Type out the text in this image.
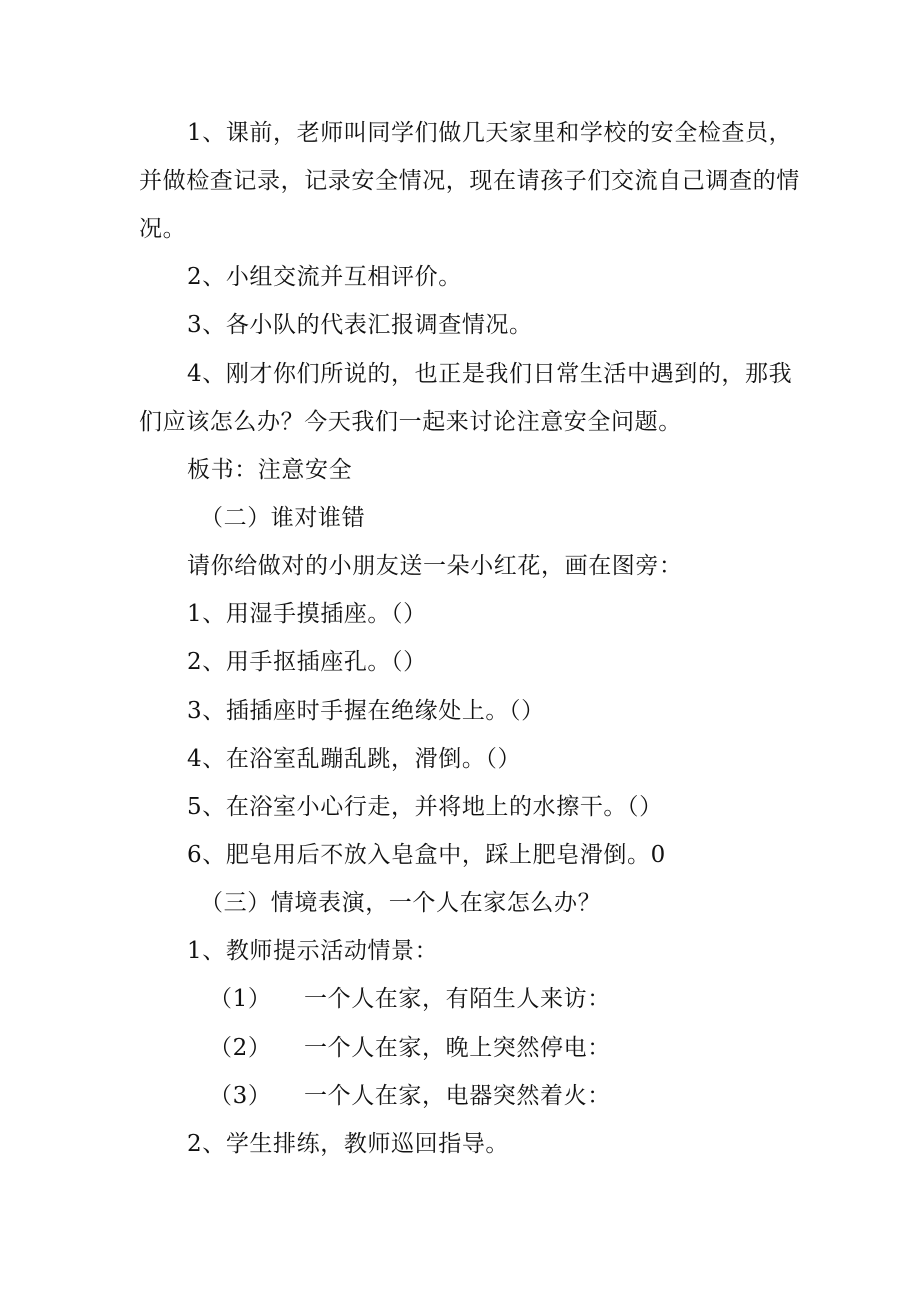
1、课前，老师叫同学们做几天家里和学校的安全检查员，
并做检查记录，记录安全情况，现在请孩子们交流自己调查的情
况。
2、小组交流并互相评价。
3、各小队的代表汇报调查情况。
4、刚才你们所说的，也正是我们日常生活中遇到的，那我
们应该怎么办？今天我们一起来讨论注意安全问题。
板书：注意安全
（二）谁对谁错
请你给做对的小朋友送一朵小红花，画在图旁：
1、用湿手摸插座。（）
2、用手抠插座孔。（）
3、插插座时手握在绝缘处上。（）
4、在浴室乱蹦乱跳，滑倒。（）
5、在浴室小心行走，并将地上的水擦干。（）
6、肥皂用后不放入皂盒中，踩上肥皂滑倒。0
（三）情境表演，一个人在家怎么办？
1、教师提示活动情景：
（1） 一个人在家，有陌生人来访：
（2） 一个人在家，晚上突然停电：
（3） 一个人在家，电器突然着火：
2、学生排练，教师巡回指导。
